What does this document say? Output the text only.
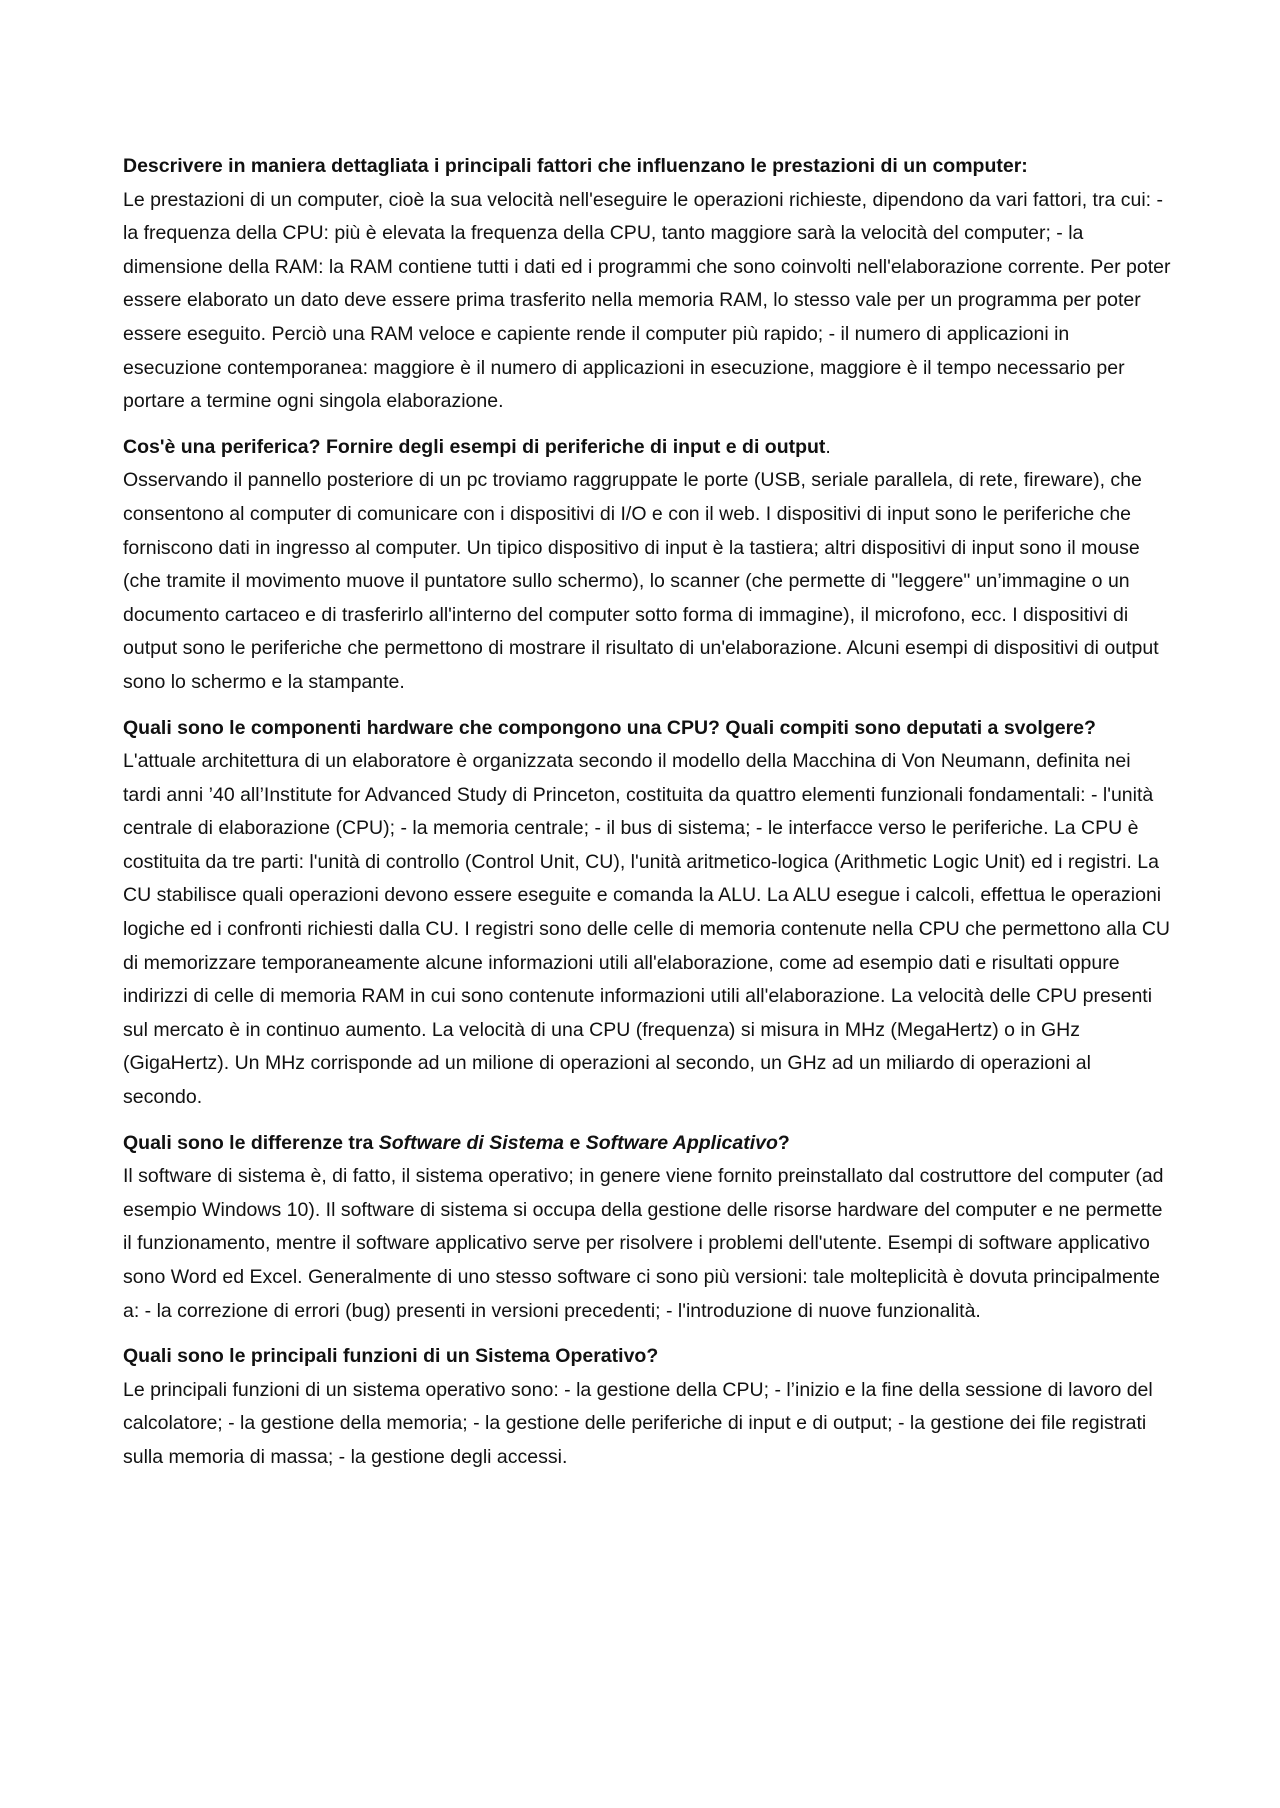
Descrivere in maniera dettagliata i principali fattori che influenzano le prestazioni di un computer:
Le prestazioni di un computer, cioè la sua velocità nell'eseguire le operazioni richieste, dipendono da vari fattori, tra cui: - la frequenza della CPU: più è elevata la frequenza della CPU, tanto maggiore sarà la velocità del computer; - la dimensione della RAM: la RAM contiene tutti i dati ed i programmi che sono coinvolti nell'elaborazione corrente. Per poter essere elaborato un dato deve essere prima trasferito nella memoria RAM, lo stesso vale per un programma per poter essere eseguito. Perciò una RAM veloce e capiente rende il computer più rapido; - il numero di applicazioni in esecuzione contemporanea: maggiore è il numero di applicazioni in esecuzione, maggiore è il tempo necessario per portare a termine ogni singola elaborazione.
Cos'è una periferica? Fornire degli esempi di periferiche di input e di output.
Osservando il pannello posteriore di un pc troviamo raggruppate le porte (USB, seriale parallela, di rete, fireware), che consentono al computer di comunicare con i dispositivi di I/O e con il web. I dispositivi di input sono le periferiche che forniscono dati in ingresso al computer. Un tipico dispositivo di input è la tastiera; altri dispositivi di input sono il mouse (che tramite il movimento muove il puntatore sullo schermo), lo scanner (che permette di "leggere" un’immagine o un documento cartaceo e di trasferirlo all'interno del computer sotto forma di immagine), il microfono, ecc. I dispositivi di output sono le periferiche che permettono di mostrare il risultato di un'elaborazione. Alcuni esempi di dispositivi di output sono lo schermo e la stampante.
Quali sono le componenti hardware che compongono una CPU? Quali compiti sono deputati a svolgere?
L'attuale architettura di un elaboratore è organizzata secondo il modello della Macchina di Von Neumann, definita nei tardi anni ’40 all’Institute for Advanced Study di Princeton, costituita da quattro elementi funzionali fondamentali: - l'unità centrale di elaborazione (CPU); - la memoria centrale; - il bus di sistema; - le interfacce verso le periferiche. La CPU è costituita da tre parti: l'unità di controllo (Control Unit, CU), l'unità aritmetico-logica (Arithmetic Logic Unit) ed i registri. La CU stabilisce quali operazioni devono essere eseguite e comanda la ALU. La ALU esegue i calcoli, effettua le operazioni logiche ed i confronti richiesti dalla CU. I registri sono delle celle di memoria contenute nella CPU che permettono alla CU di memorizzare temporaneamente alcune informazioni utili all'elaborazione, come ad esempio dati e risultati oppure indirizzi di celle di memoria RAM in cui sono contenute informazioni utili all'elaborazione. La velocità delle CPU presenti sul mercato è in continuo aumento. La velocità di una CPU (frequenza) si misura in MHz (MegaHertz) o in GHz (GigaHertz). Un MHz corrisponde ad un milione di operazioni al secondo, un GHz ad un miliardo di operazioni al secondo.
Quali sono le differenze tra Software di Sistema e Software Applicativo?
Il software di sistema è, di fatto, il sistema operativo; in genere viene fornito preinstallato dal costruttore del computer (ad esempio Windows 10). Il software di sistema si occupa della gestione delle risorse hardware del computer e ne permette il funzionamento, mentre il software applicativo serve per risolvere i problemi dell'utente. Esempi di software applicativo sono Word ed Excel. Generalmente di uno stesso software ci sono più versioni: tale molteplicità è dovuta principalmente a: - la correzione di errori (bug) presenti in versioni precedenti; - l'introduzione di nuove funzionalità.
Quali sono le principali funzioni di un Sistema Operativo?
Le principali funzioni di un sistema operativo sono: - la gestione della CPU; - l’inizio e la fine della sessione di lavoro del calcolatore; - la gestione della memoria; - la gestione delle periferiche di input e di output; - la gestione dei file registrati sulla memoria di massa; - la gestione degli accessi.
